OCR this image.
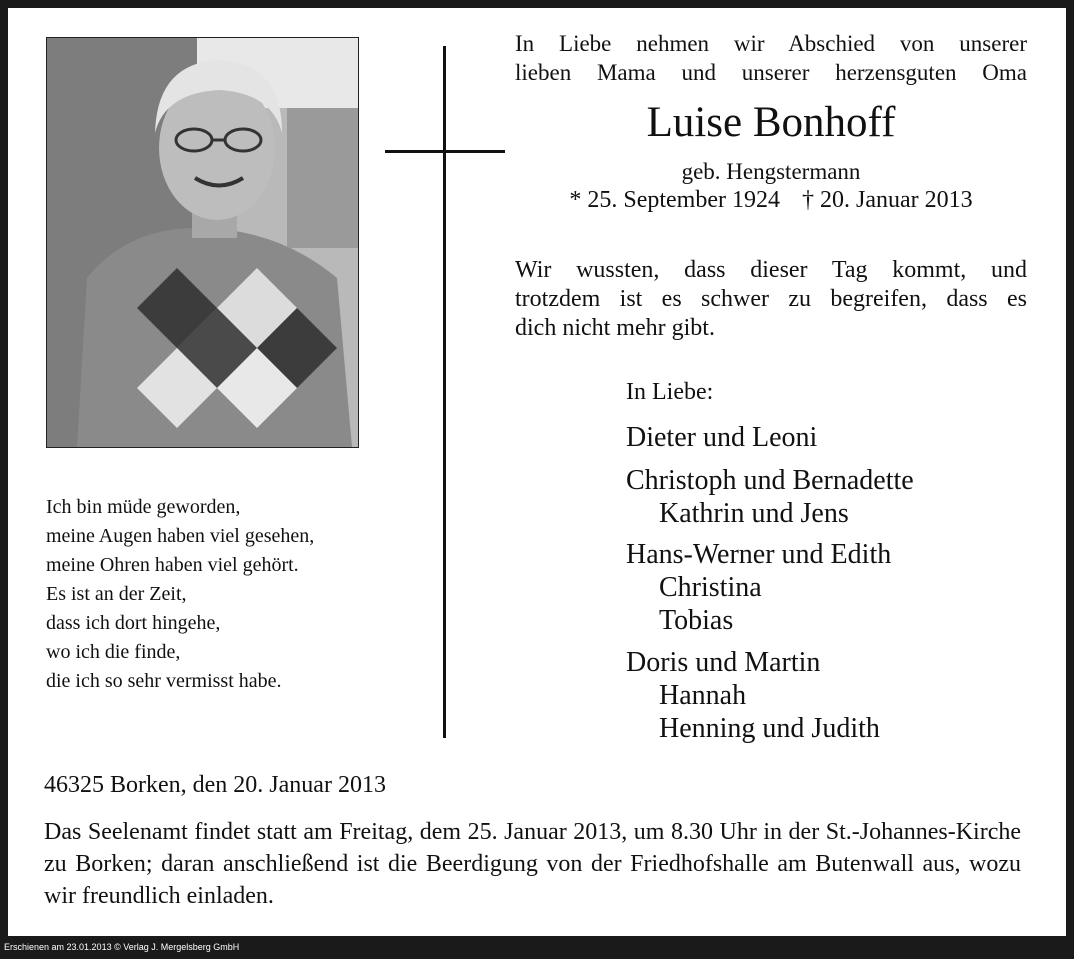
In Liebe nehmen wir Abschied von unserer
lieben Mama und unserer herzensguten Oma
Luise Bonhoff
geb. Hengstermann
* 25. September 1924 † 20. Januar 2013
Wir wussten, dass dieser Tag kommt, und
trotzdem ist es schwer zu begreifen, dass es
dich nicht mehr gibt.
Ich bin müde geworden,
meine Augen haben viel gesehen,
meine Ohren haben viel gehört.
Es ist an der Zeit,
dass ich dort hingehe,
wo ich die finde,
die ich so sehr vermisst habe.
In Liebe:
Dieter und Leoni
Christoph und Bernadette
Kathrin und Jens
Hans-Werner und Edith
Christina
Tobias
Doris und Martin
Hannah
Henning und Judith
46325 Borken, den 20. Januar 2013
Das Seelenamt findet statt am Freitag, dem 25. Januar 2013, um 8.30 Uhr in der St.-Johannes-Kirche zu Borken; daran anschließend ist die Beerdigung von der Friedhofshalle am Butenwall aus, wozu wir freundlich einladen.
Erschienen am 23.01.2013 © Verlag J. Mergelsberg GmbH
